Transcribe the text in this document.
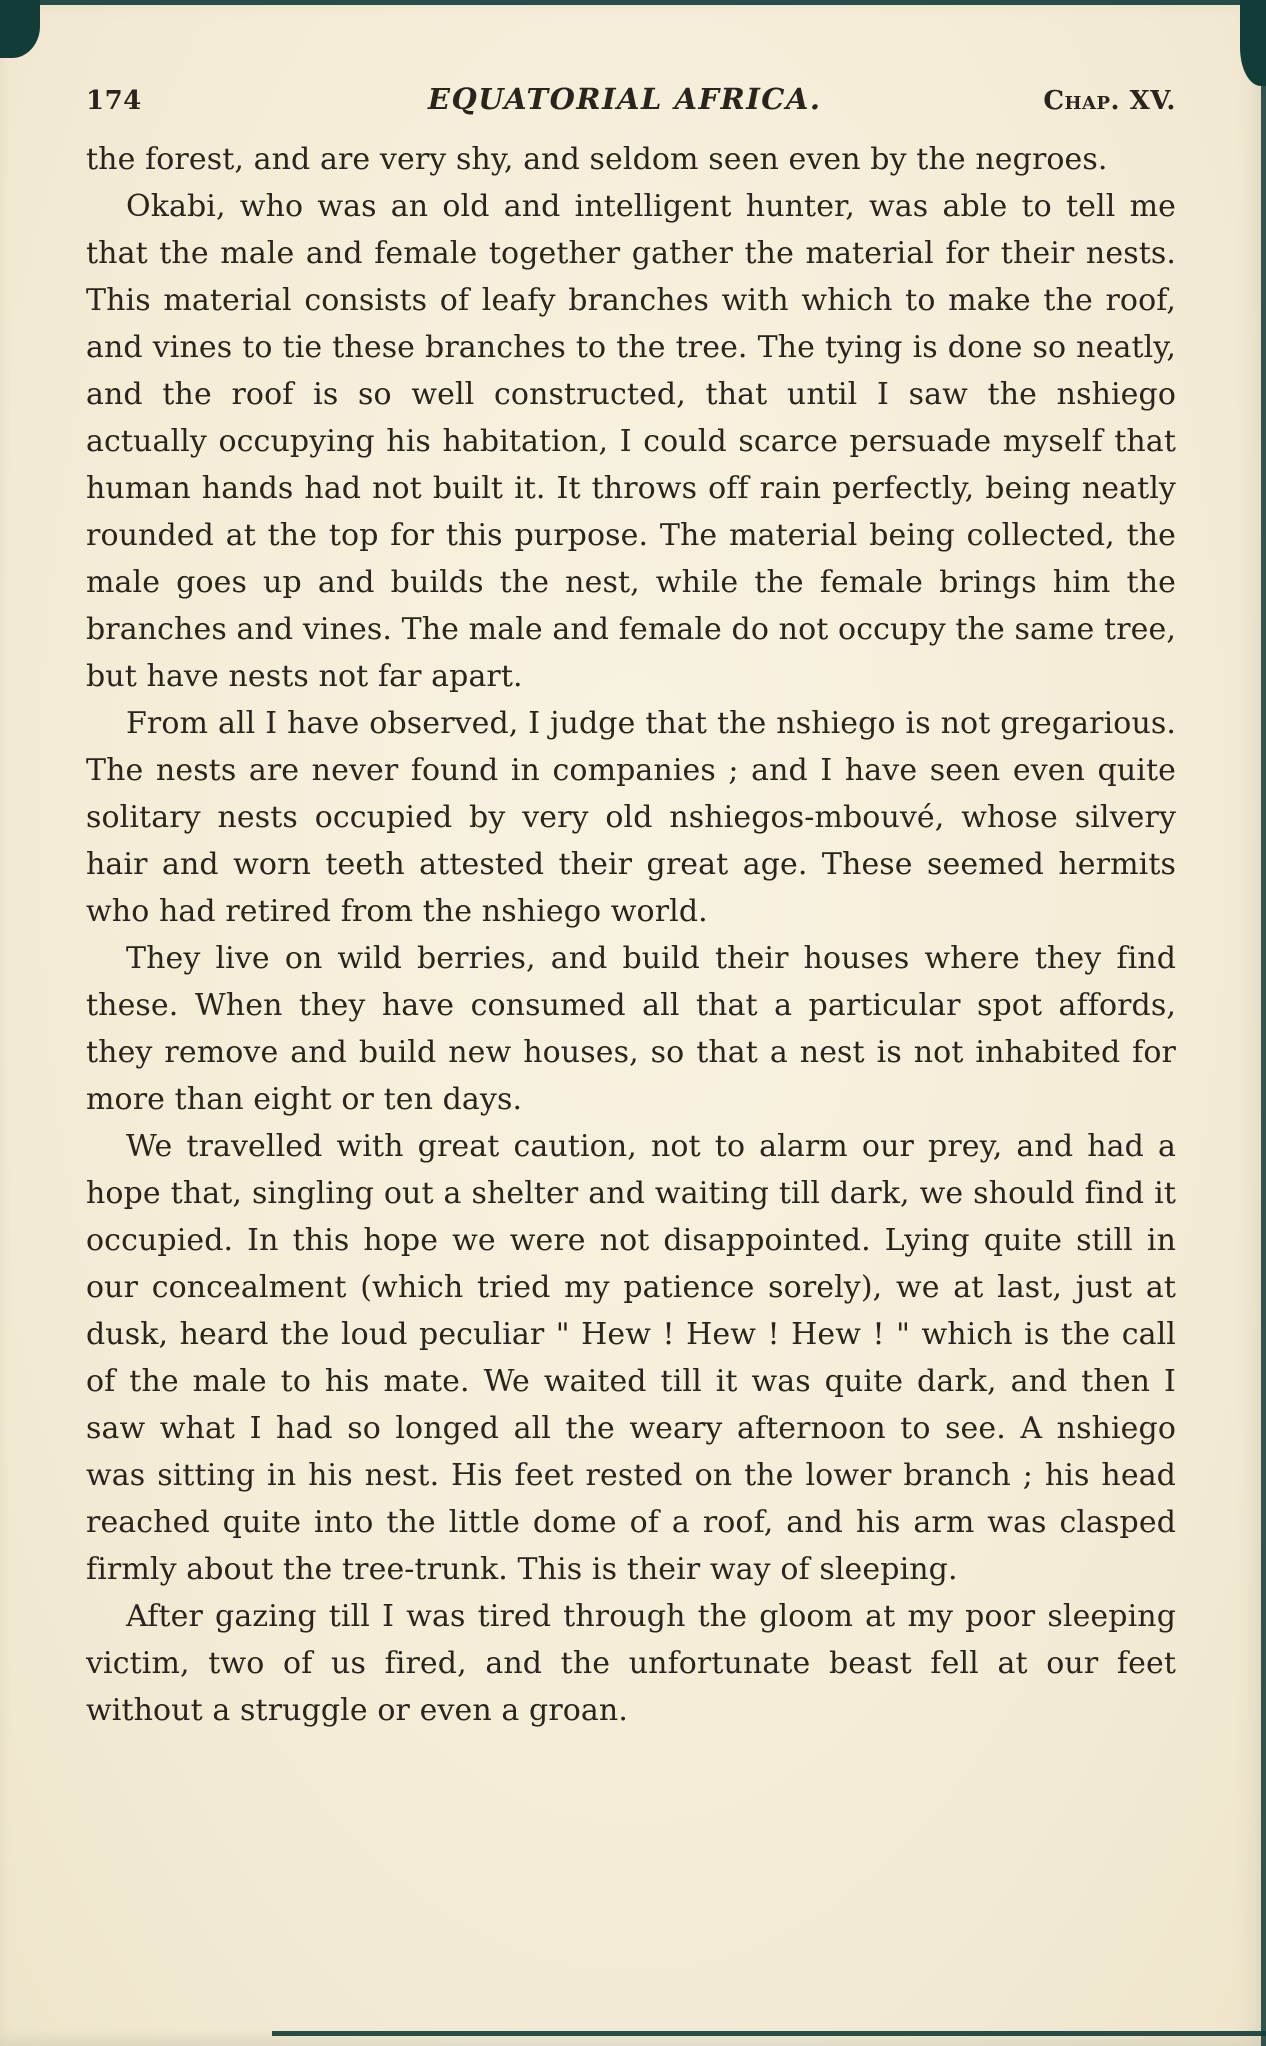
174	EQUATORIAL AFRICA.	Chap. XV.

the forest, and are very shy, and seldom seen even by the negroes.

Okabi, who was an old and intelligent hunter, was able to tell me that the male and female together gather the material for their nests. This material consists of leafy branches with which to make the roof, and vines to tie these branches to the tree. The tying is done so neatly, and the roof is so well constructed, that until I saw the nshiego actually occupying his habitation, I could scarce persuade myself that human hands had not built it. It throws off rain perfectly, being neatly rounded at the top for this purpose. The material being collected, the male goes up and builds the nest, while the female brings him the branches and vines. The male and female do not occupy the same tree, but have nests not far apart.

From all I have observed, I judge that the nshiego is not gregarious. The nests are never found in companies ; and I have seen even quite solitary nests occupied by very old nshiegos-mbouvé, whose silvery hair and worn teeth attested their great age. These seemed hermits who had retired from the nshiego world.

They live on wild berries, and build their houses where they find these. When they have consumed all that a particular spot affords, they remove and build new houses, so that a nest is not inhabited for more than eight or ten days.

We travelled with great caution, not to alarm our prey, and had a hope that, singling out a shelter and waiting till dark, we should find it occupied. In this hope we were not disappointed. Lying quite still in our concealment (which tried my patience sorely), we at last, just at dusk, heard the loud peculiar " Hew ! Hew ! Hew ! " which is the call of the male to his mate. We waited till it was quite dark, and then I saw what I had so longed all the weary afternoon to see. A nshiego was sitting in his nest. His feet rested on the lower branch ; his head reached quite into the little dome of a roof, and his arm was clasped firmly about the tree-trunk. This is their way of sleeping.

After gazing till I was tired through the gloom at my poor sleeping victim, two of us fired, and the unfortunate beast fell at our feet without a struggle or even a groan.
